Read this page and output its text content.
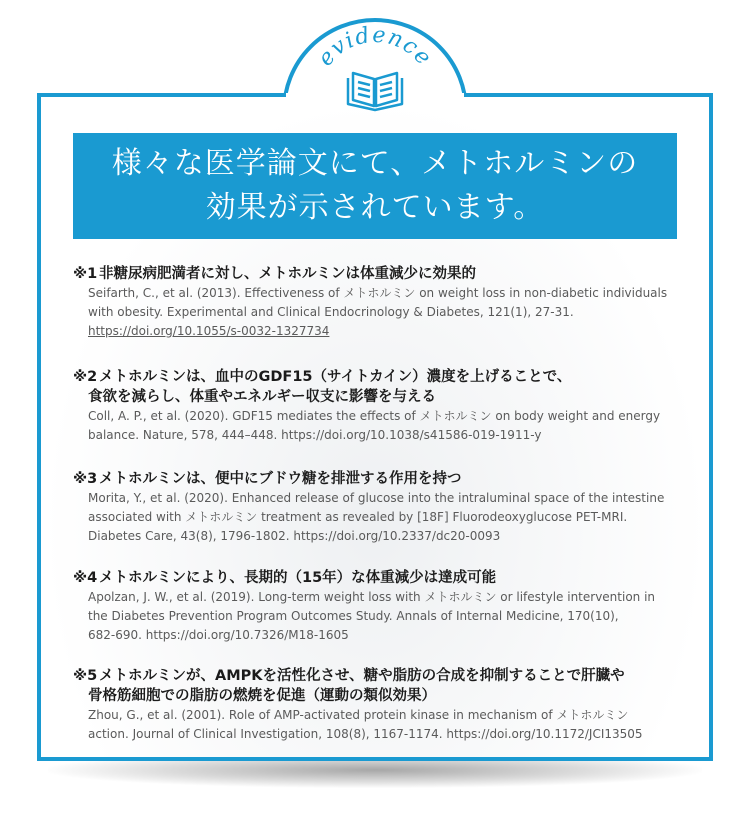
evidence
様々な医学論文にて、メトホルミンの
効果が示されています。
※1 非糖尿病肥満者に対し、メトホルミンは体重減少に効果的
Seifarth, C., et al. (2013). Effectiveness of メトホルミン on weight loss in non-diabetic individuals
with obesity. Experimental and Clinical Endocrinology & Diabetes, 121(1), 27-31.
https://doi.org/10.1055/s-0032-1327734
※2 メトホルミンは、血中のGDF15（サイトカイン）濃度を上げることで、
食欲を減らし、体重やエネルギー収支に影響を与える
Coll, A. P., et al. (2020). GDF15 mediates the effects of メトホルミン on body weight and energy
balance. Nature, 578, 444–448. https://doi.org/10.1038/s41586-019-1911-y
※3 メトホルミンは、便中にブドウ糖を排泄する作用を持つ
Morita, Y., et al. (2020). Enhanced release of glucose into the intraluminal space of the intestine
associated with メトホルミン treatment as revealed by [18F] Fluorodeoxyglucose PET-MRI.
Diabetes Care, 43(8), 1796-1802. https://doi.org/10.2337/dc20-0093
※4 メトホルミンにより、長期的（15年）な体重減少は達成可能
Apolzan, J. W., et al. (2019). Long-term weight loss with メトホルミン or lifestyle intervention in
the Diabetes Prevention Program Outcomes Study. Annals of Internal Medicine, 170(10),
682-690. https://doi.org/10.7326/M18-1605
※5 メトホルミンが、AMPKを活性化させ、糖や脂肪の合成を抑制することで肝臓や
骨格筋細胞での脂肪の燃焼を促進（運動の類似効果）
Zhou, G., et al. (2001). Role of AMP-activated protein kinase in mechanism of メトホルミン
action. Journal of Clinical Investigation, 108(8), 1167-1174. https://doi.org/10.1172/JCI13505
